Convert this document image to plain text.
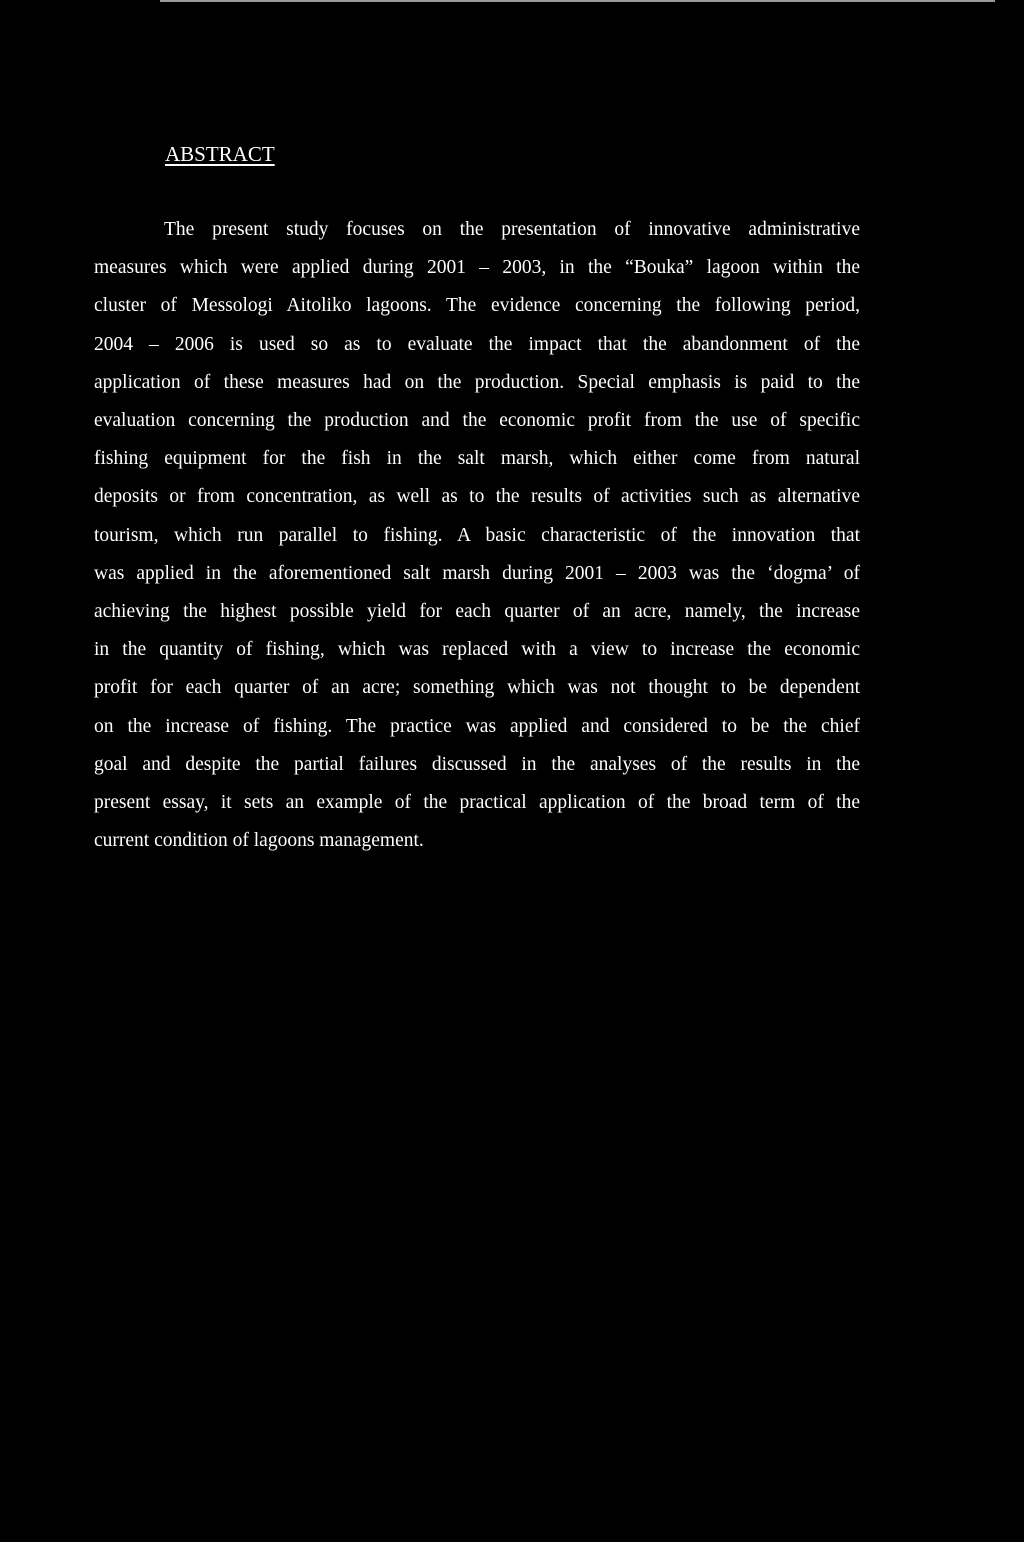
ABSTRACT
The present study focuses on the presentation of innovative administrative
measures which were applied during 2001 – 2003, in the “Bouka” lagoon within the
cluster of Messologi Aitoliko lagoons. The evidence concerning the following period,
2004 – 2006 is used so as to evaluate the impact that the abandonment of the
application of these measures had on the production. Special emphasis is paid to the
evaluation concerning the production and the economic profit from the use of specific
fishing equipment for the fish in the salt marsh, which either come from natural
deposits or from concentration, as well as to the results of activities such as alternative
tourism, which run parallel to fishing. A basic characteristic of the innovation that
was applied in the aforementioned salt marsh during 2001 – 2003 was the ‘dogma’ of
achieving the highest possible yield for each quarter of an acre, namely, the increase
in the quantity of fishing, which was replaced with a view to increase the economic
profit for each quarter of an acre; something which was not thought to be dependent
on the increase of fishing. The practice was applied and considered to be the chief
goal and despite the partial failures discussed in the analyses of the results in the
present essay, it sets an example of the practical application of the broad term of the
current condition of lagoons management.
